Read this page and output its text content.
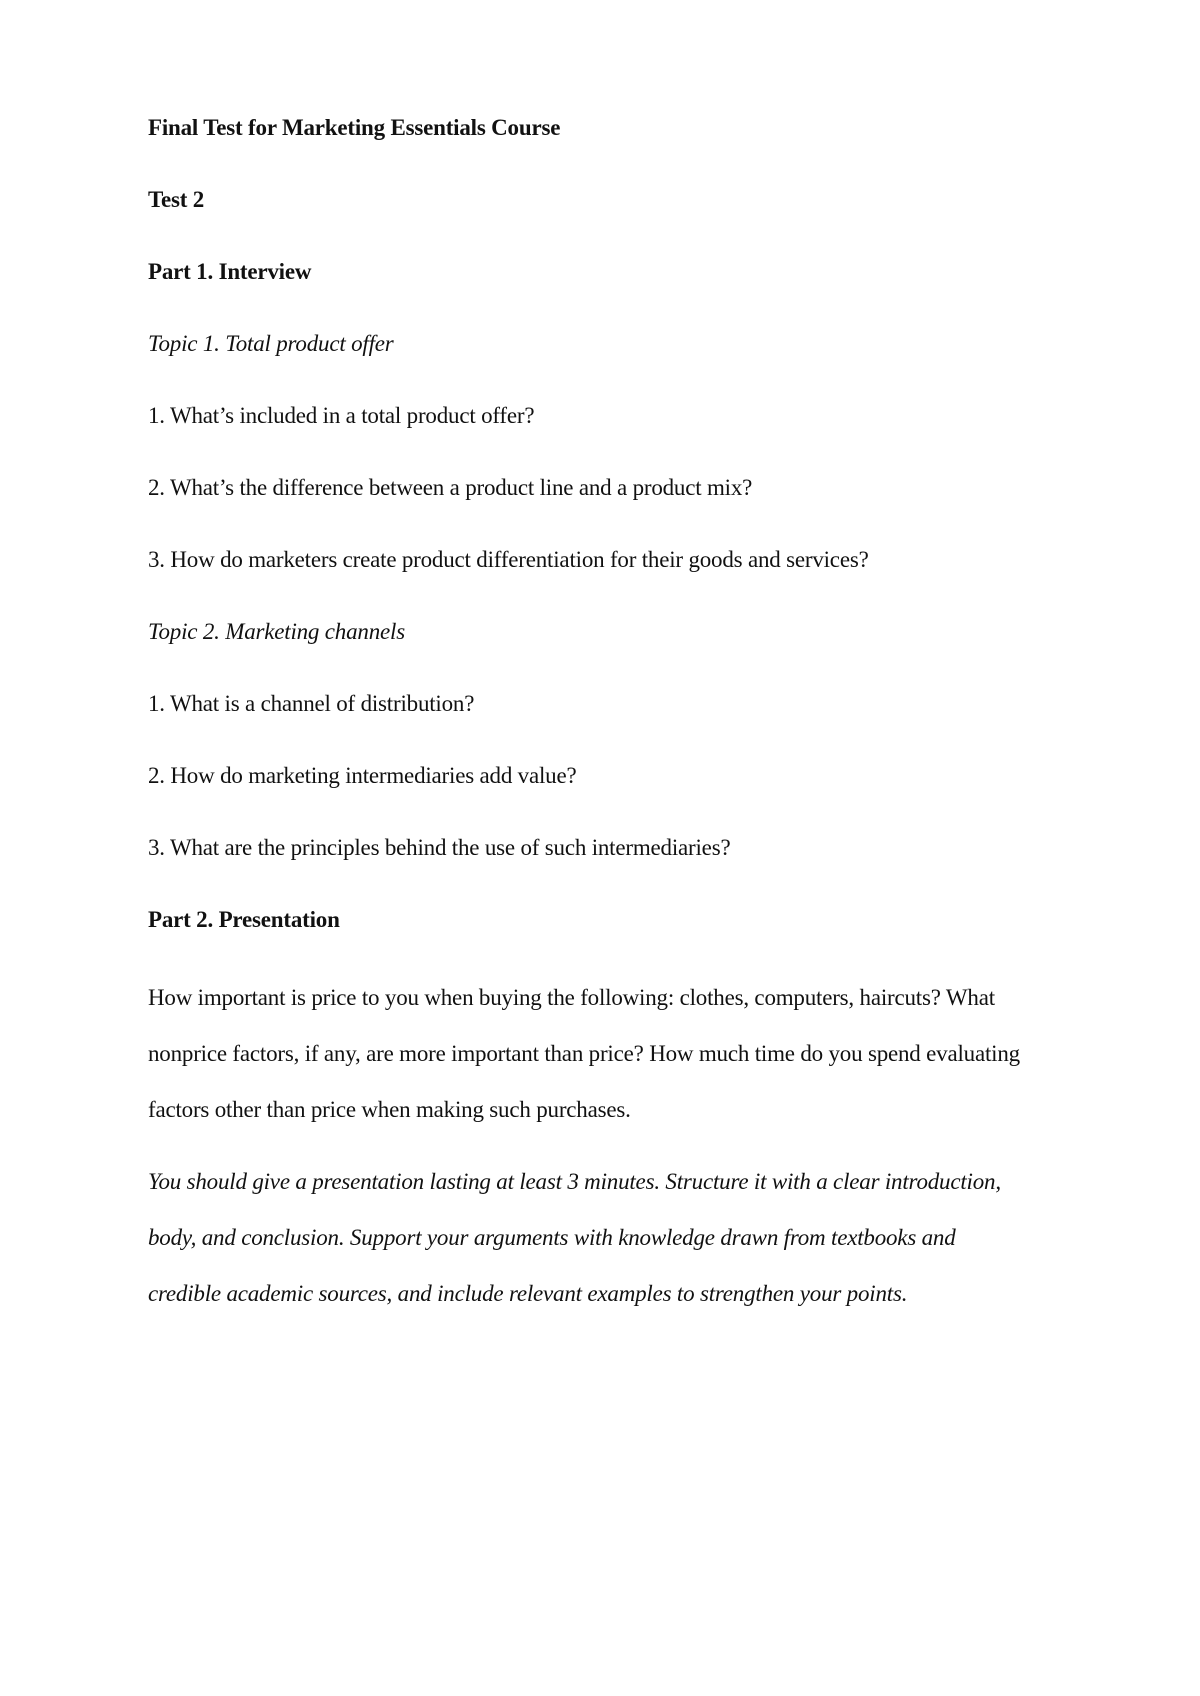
Final Test for Marketing Essentials Course
Test 2
Part 1. Interview
Topic 1. Total product offer
1. What’s included in a total product offer?
2. What’s the difference between a product line and a product mix?
3. How do marketers create product differentiation for their goods and services?
Topic 2. Marketing channels
1. What is a channel of distribution?
2. How do marketing intermediaries add value?
3. What are the principles behind the use of such intermediaries?
Part 2. Presentation
How important is price to you when buying the following: clothes, computers, haircuts? What
nonprice factors, if any, are more important than price? How much time do you spend evaluating
factors other than price when making such purchases.
You should give a presentation lasting at least 3 minutes. Structure it with a clear introduction,
body, and conclusion. Support your arguments with knowledge drawn from textbooks and
credible academic sources, and include relevant examples to strengthen your points.
